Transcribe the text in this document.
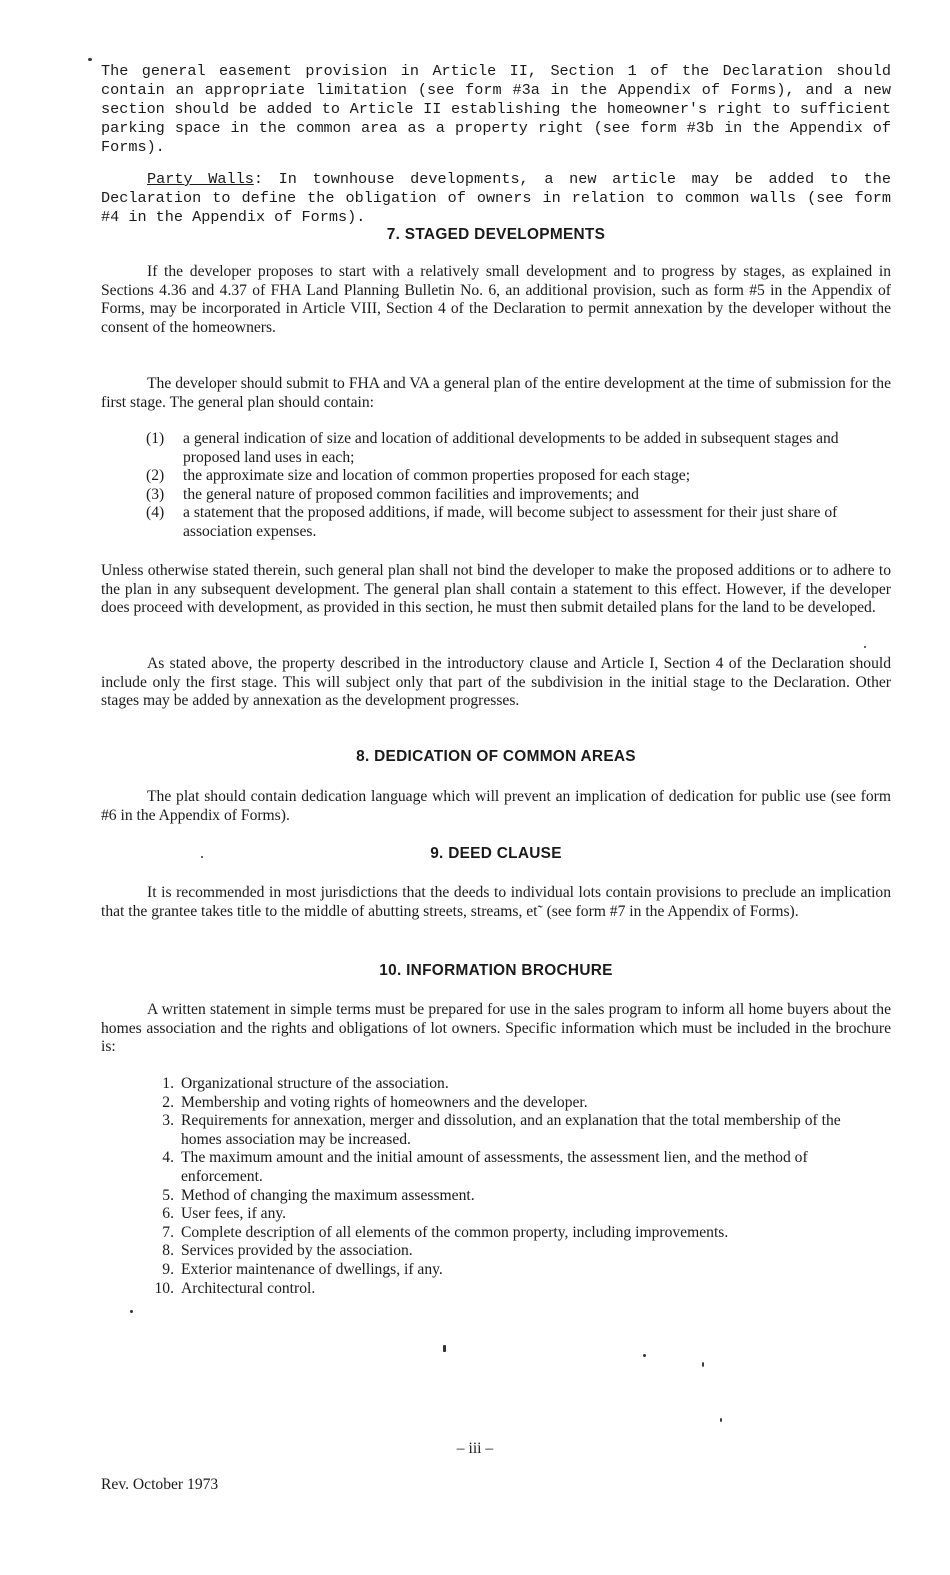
The general easement provision in Article II, Section 1 of the Declaration should contain an appropriate limitation (see form #3a in the Appendix of Forms), and a new section should be added to Article II establishing the homeowner's right to sufficient parking space in the common area as a property right (see form #3b in the Appendix of Forms).

Party Walls: In townhouse developments, a new article may be added to the Declaration to define the obligation of owners in relation to common walls (see form #4 in the Appendix of Forms).

7. STAGED DEVELOPMENTS

If the developer proposes to start with a relatively small development and to progress by stages, as explained in Sections 4.36 and 4.37 of FHA Land Planning Bulletin No. 6, an additional provision, such as form #5 in the Appendix of Forms, may be incorporated in Article VIII, Section 4 of the Declaration to permit annexation by the developer without the consent of the homeowners.

The developer should submit to FHA and VA a general plan of the entire development at the time of submission for the first stage. The general plan should contain:

(1) a general indication of size and location of additional developments to be added in subsequent stages and proposed land uses in each;
(2) the approximate size and location of common properties proposed for each stage;
(3) the general nature of proposed common facilities and improvements; and
(4) a statement that the proposed additions, if made, will become subject to assessment for their just share of association expenses.

Unless otherwise stated therein, such general plan shall not bind the developer to make the proposed additions or to adhere to the plan in any subsequent development. The general plan shall contain a statement to this effect. However, if the developer does proceed with development, as provided in this section, he must then submit detailed plans for the land to be developed.

As stated above, the property described in the introductory clause and Article I, Section 4 of the Declaration should include only the first stage. This will subject only that part of the subdivision in the initial stage to the Declaration. Other stages may be added by annexation as the development progresses.

8. DEDICATION OF COMMON AREAS

The plat should contain dedication language which will prevent an implication of dedication for public use (see form #6 in the Appendix of Forms).

9. DEED CLAUSE

It is recommended in most jurisdictions that the deeds to individual lots contain provisions to preclude an implication that the grantee takes title to the middle of abutting streets, streams, et˜ (see form #7 in the Appendix of Forms).

10. INFORMATION BROCHURE

A written statement in simple terms must be prepared for use in the sales program to inform all home buyers about the homes association and the rights and obligations of lot owners. Specific information which must be included in the brochure is:

1. Organizational structure of the association.
2. Membership and voting rights of homeowners and the developer.
3. Requirements for annexation, merger and dissolution, and an explanation that the total membership of the homes association may be increased.
4. The maximum amount and the initial amount of assessments, the assessment lien, and the method of enforcement.
5. Method of changing the maximum assessment.
6. User fees, if any.
7. Complete description of all elements of the common property, including improvements.
8. Services provided by the association.
9. Exterior maintenance of dwellings, if any.
10. Architectural control.
– iii –
Rev. October 1973
